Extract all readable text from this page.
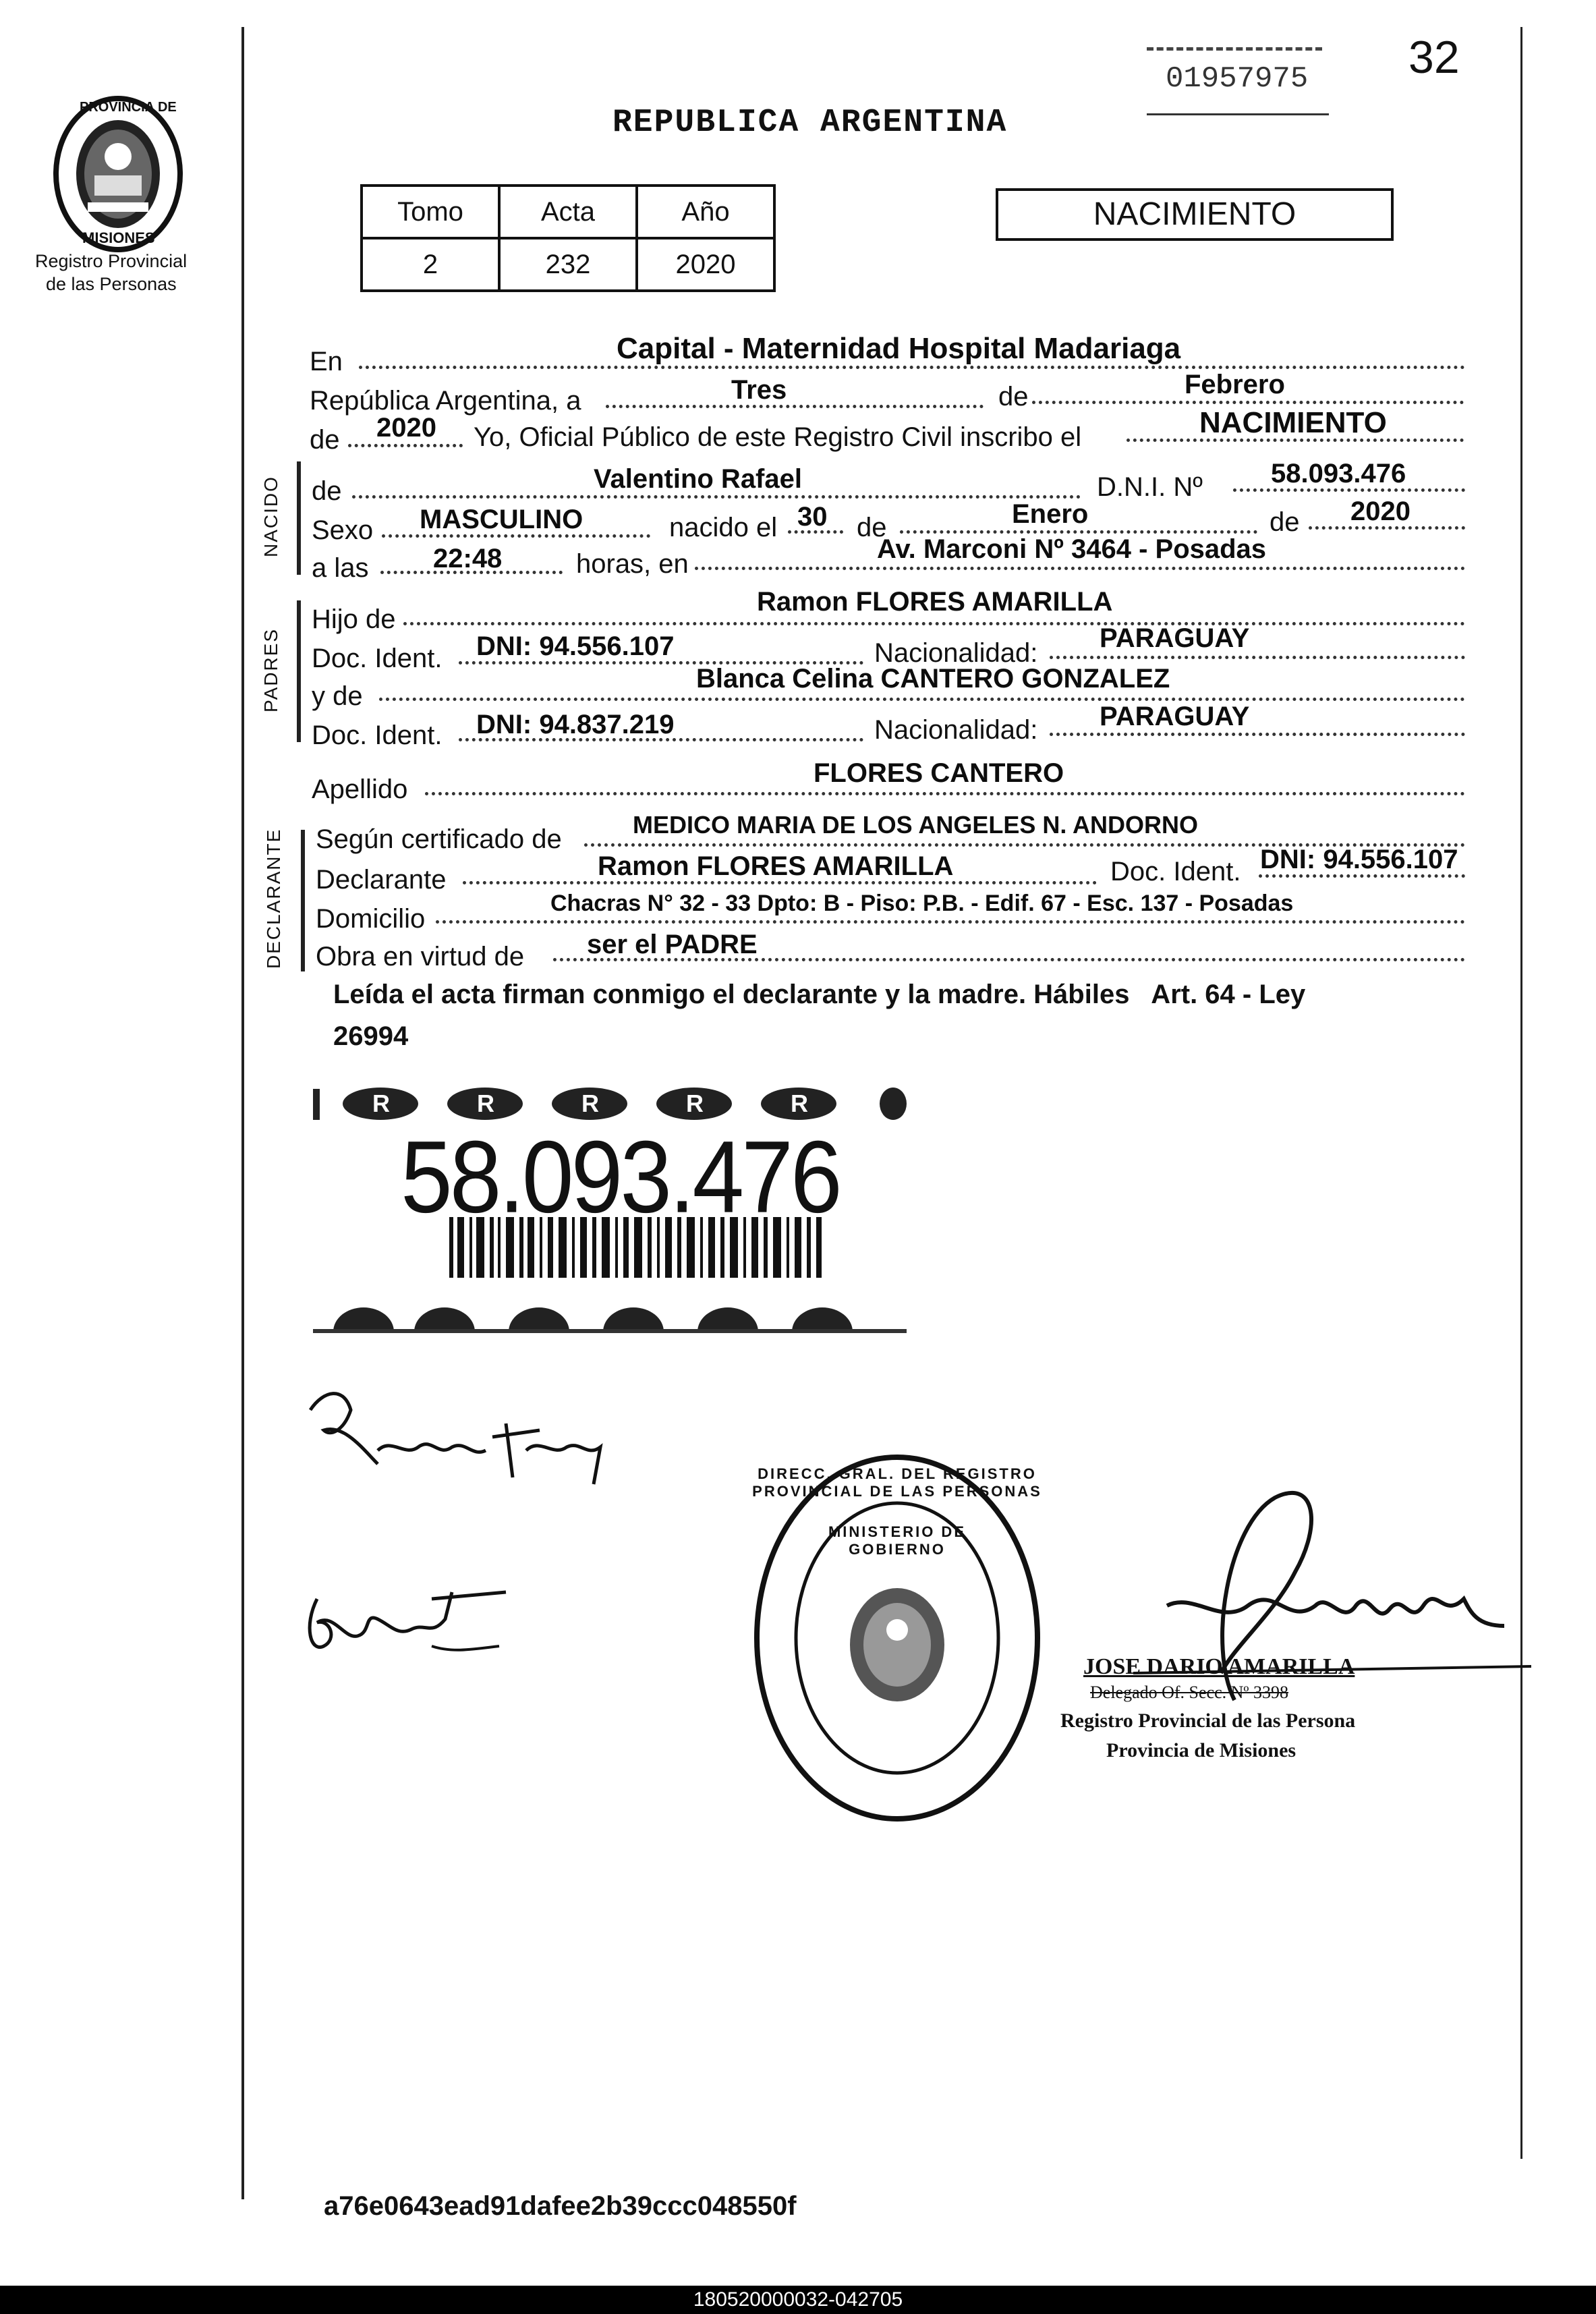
PROVINCIA DE
MISIONES
Registro Provincial
de las Personas
32
01957975
REPUBLICA ARGENTINA
Tomo	Acta	Año
2	232	2020
NACIMIENTO
En	Capital - Maternidad Hospital Madariaga
República Argentina, a	Tres	de	Febrero
de 2020 Yo, Oficial Público de este Registro Civil inscribo el	NACIMIENTO
NACIDO de	Valentino Rafael	D.N.I. Nº	58.093.476
Sexo MASCULINO	nacido el 30 de	Enero	de 2020
a las 22:48	horas, en	Av. Marconi Nº 3464 - Posadas
PADRES
Hijo de
Ramon FLORES AMARILLA
Doc. Ident. DNI: 94.556.107	Nacionalidad: PARAGUAY
y de
Blanca Celina CANTERO GONZALEZ
Doc. Ident. DNI: 94.837.219	Nacionalidad: PARAGUAY
Apellido
FLORES CANTERO
DECLARANTE Según certificado de	MEDICO MARIA DE LOS ANGELES N. ANDORNO
Declarante	Ramon FLORES AMARILLA	Doc. Ident. DNI: 94.556.107
Domicilio
Chacras N° 32 - 33 Dpto: B - Piso: P.B. - Edif. 67 - Esc. 137 - Posadas
Obra en virtud de ser el PADRE
Leída el acta firman conmigo el declarante y la madre. Hábiles   Art. 64 - Ley
26994
R	R	R	R	R
58.093.476
DIRECC. GRAL. DEL REGISTRO PROVINCIAL DE LAS PERSONAS
MINISTERIO DE GOBIERNO
JOSE DARIO AMARILLA
Delegado Of. Secc. Nº 3398
Registro Provincial de las Persona
Provincia de Misiones
a76e0643ead91dafee2b39ccc048550f
180520000032-042705
